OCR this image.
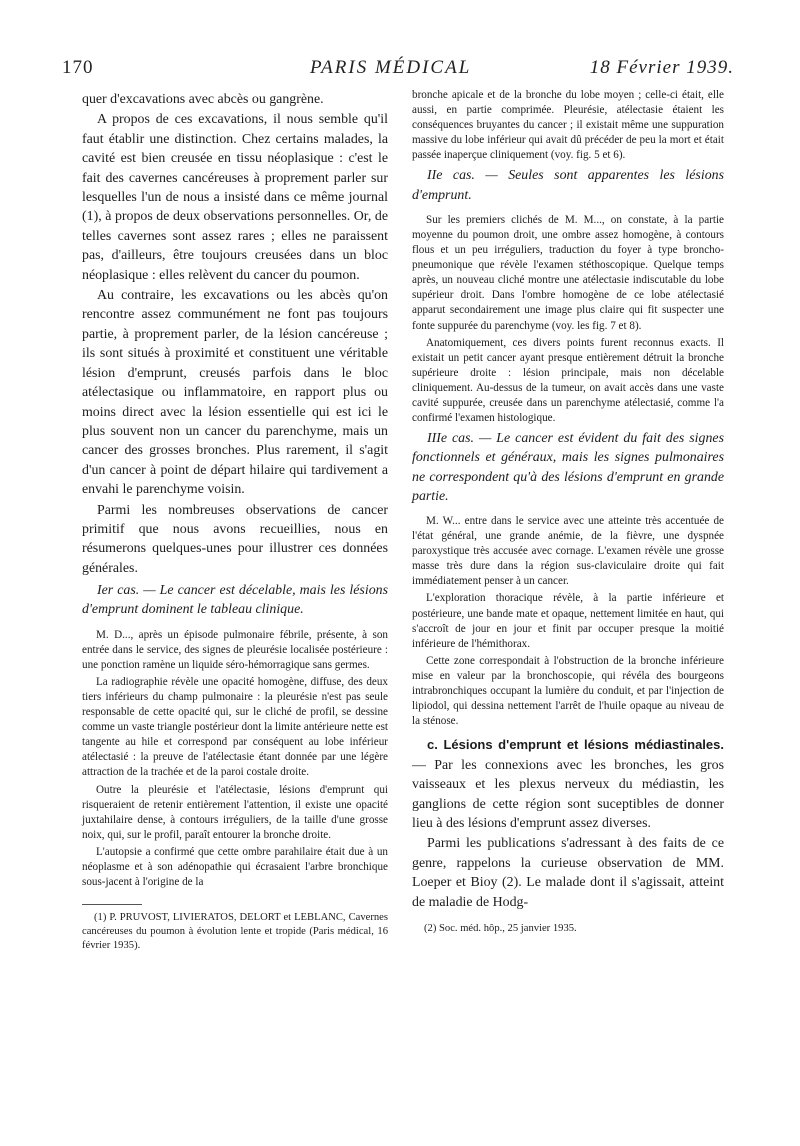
170	PARIS MÉDICAL	18 Février 1939.

quer d'excavations avec abcès ou gangrène.

A propos de ces excavations, il nous semble qu'il faut établir une distinction. Chez certains malades, la cavité est bien creusée en tissu néoplasique : c'est le fait des cavernes cancéreuses à proprement parler sur lesquelles l'un de nous a insisté dans ce même journal (1), à propos de deux observations personnelles. Or, de telles cavernes sont assez rares ; elles ne paraissent pas, d'ailleurs, être toujours creusées dans un bloc néoplasique : elles relèvent du cancer du poumon.

Au contraire, les excavations ou les abcès qu'on rencontre assez communément ne font pas toujours partie, à proprement parler, de la lésion cancéreuse ; ils sont situés à proximité et constituent une véritable lésion d'emprunt, creusés parfois dans le bloc atélectasique ou inflammatoire, en rapport plus ou moins direct avec la lésion essentielle qui est ici le plus souvent non un cancer du parenchyme, mais un cancer des grosses bronches. Plus rarement, il s'agit d'un cancer à point de départ hilaire qui tardivement a envahi le parenchyme voisin.

Parmi les nombreuses observations de cancer primitif que nous avons recueillies, nous en résumerons quelques-unes pour illustrer ces données générales.

Ier cas. — Le cancer est décelable, mais les lésions d'emprunt dominent le tableau clinique.

M. D..., après un épisode pulmonaire fébrile, présente, à son entrée dans le service, des signes de pleurésie localisée postérieure : une ponction ramène un liquide séro-hémorragique sans germes.

La radiographie révèle une opacité homogène, diffuse, des deux tiers inférieurs du champ pulmonaire : la pleurésie n'est pas seule responsable de cette opacité qui, sur le cliché de profil, se dessine comme un vaste triangle postérieur dont la limite antérieure nette est tangente au hile et correspond par conséquent au lobe inférieur atélectasié : la preuve de l'atélectasie étant donnée par une légère attraction de la trachée et de la paroi costale droite.

Outre la pleurésie et l'atélectasie, lésions d'emprunt qui risqueraient de retenir entièrement l'attention, il existe une opacité juxtahilaire dense, à contours irréguliers, de la taille d'une grosse noix, qui, sur le profil, paraît entourer la bronche droite.

L'autopsie a confirmé que cette ombre parahilaire était due à un néoplasme et à son adénopathie qui écrasaient l'arbre bronchique sous-jacent à l'origine de la

(1) P. PRUVOST, LIVIERATOS, DELORT et LEBLANC, Cavernes cancéreuses du poumon à évolution lente et tropide (Paris médical, 16 février 1935).

bronche apicale et de la bronche du lobe moyen ; celle-ci était, elle aussi, en partie comprimée. Pleurésie, atélectasie étaient les conséquences bruyantes du cancer ; il existait même une suppuration massive du lobe inférieur qui avait dû précéder de peu la mort et était passée inaperçue cliniquement (voy. fig. 5 et 6).

IIe cas. — Seules sont apparentes les lésions d'emprunt.

Sur les premiers clichés de M. M..., on constate, à la partie moyenne du poumon droit, une ombre assez homogène, à contours flous et un peu irréguliers, traduction du foyer à type broncho-pneumonique que révèle l'examen stéthoscopique. Quelque temps après, un nouveau cliché montre une atélectasie indiscutable du lobe supérieur droit. Dans l'ombre homogène de ce lobe atélectasié apparut secondairement une image plus claire qui fit suspecter une fonte suppurée du parenchyme (voy. les fig. 7 et 8).

Anatomiquement, ces divers points furent reconnus exacts. Il existait un petit cancer ayant presque entièrement détruit la bronche supérieure droite : lésion principale, mais non décelable cliniquement. Au-dessus de la tumeur, on avait accès dans une vaste cavité suppurée, creusée dans un parenchyme atélectasié, comme l'a confirmé l'examen histologique.

IIIe cas. — Le cancer est évident du fait des signes fonctionnels et généraux, mais les signes pulmonaires ne correspondent qu'à des lésions d'emprunt en grande partie.

M. W... entre dans le service avec une atteinte très accentuée de l'état général, une grande anémie, de la fièvre, une dyspnée paroxystique très accusée avec cornage. L'examen révèle une grosse masse très dure dans la région sus-claviculaire droite qui fait immédiatement penser à un cancer.

L'exploration thoracique révèle, à la partie inférieure et postérieure, une bande mate et opaque, nettement limitée en haut, qui s'accroît de jour en jour et finit par occuper presque la moitié inférieure de l'hémithorax.

Cette zone correspondait à l'obstruction de la bronche inférieure mise en valeur par la bronchoscopie, qui révéla des bourgeons intrabronchiques occupant la lumière du conduit, et par l'injection de lipiodol, qui dessina nettement l'arrêt de l'huile opaque au niveau de la sténose.

c. Lésions d'emprunt et lésions médiastinales. — Par les connexions avec les bronches, les gros vaisseaux et les plexus nerveux du médiastin, les ganglions de cette région sont suceptibles de donner lieu à des lésions d'emprunt assez diverses.

Parmi les publications s'adressant à des faits de ce genre, rappelons la curieuse observation de MM. Loeper et Bioy (2). Le malade dont il s'agissait, atteint de maladie de Hodg-

(2) Soc. méd. hôp., 25 janvier 1935.
